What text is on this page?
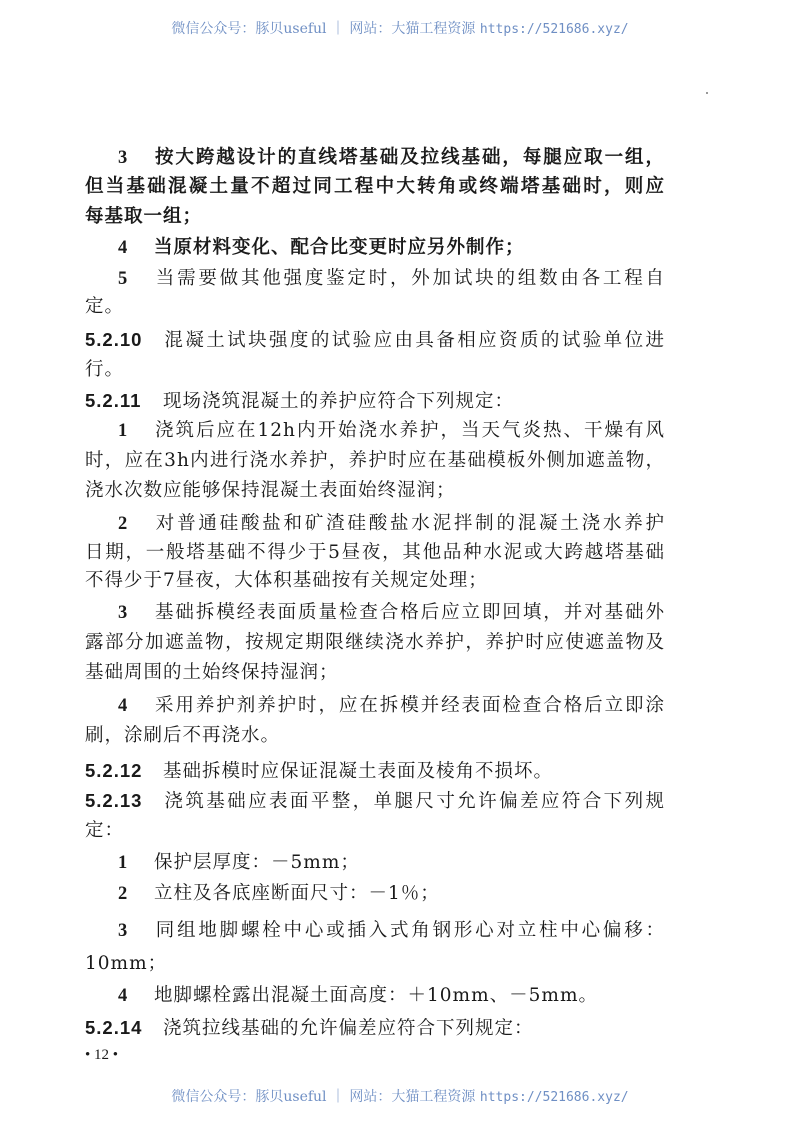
微信公众号：豚贝useful ｜ 网站：大猫工程资源 https://521686.xyz/
3 按大跨越设计的直线塔基础及拉线基础，每腿应取一组，
但当基础混凝土量不超过同工程中大转角或终端塔基础时，则应
每基取一组；
4 当原材料变化、配合比变更时应另外制作；
5 当需要做其他强度鉴定时，外加试块的组数由各工程自
定。
5.2.10 混凝土试块强度的试验应由具备相应资质的试验单位进
行。
5.2.11 现场浇筑混凝土的养护应符合下列规定：
1 浇筑后应在12h内开始浇水养护，当天气炎热、干燥有风
时，应在3h内进行浇水养护，养护时应在基础模板外侧加遮盖物，
浇水次数应能够保持混凝土表面始终湿润；
2 对普通硅酸盐和矿渣硅酸盐水泥拌制的混凝土浇水养护
日期，一般塔基础不得少于5昼夜，其他品种水泥或大跨越塔基础
不得少于7昼夜，大体积基础按有关规定处理；
3 基础拆模经表面质量检查合格后应立即回填，并对基础外
露部分加遮盖物，按规定期限继续浇水养护，养护时应使遮盖物及
基础周围的土始终保持湿润；
4 采用养护剂养护时，应在拆模并经表面检查合格后立即涂
刷，涂刷后不再浇水。
5.2.12 基础拆模时应保证混凝土表面及棱角不损坏。
5.2.13 浇筑基础应表面平整，单腿尺寸允许偏差应符合下列规
定：
1 保护层厚度：－5mm；
2 立柱及各底座断面尺寸：－1％；
3 同组地脚螺栓中心或插入式角钢形心对立柱中心偏移：
10mm；
4 地脚螺栓露出混凝土面高度：＋10mm、－5mm。
5.2.14 浇筑拉线基础的允许偏差应符合下列规定：
• 12 •
微信公众号：豚贝useful ｜ 网站：大猫工程资源 https://521686.xyz/
